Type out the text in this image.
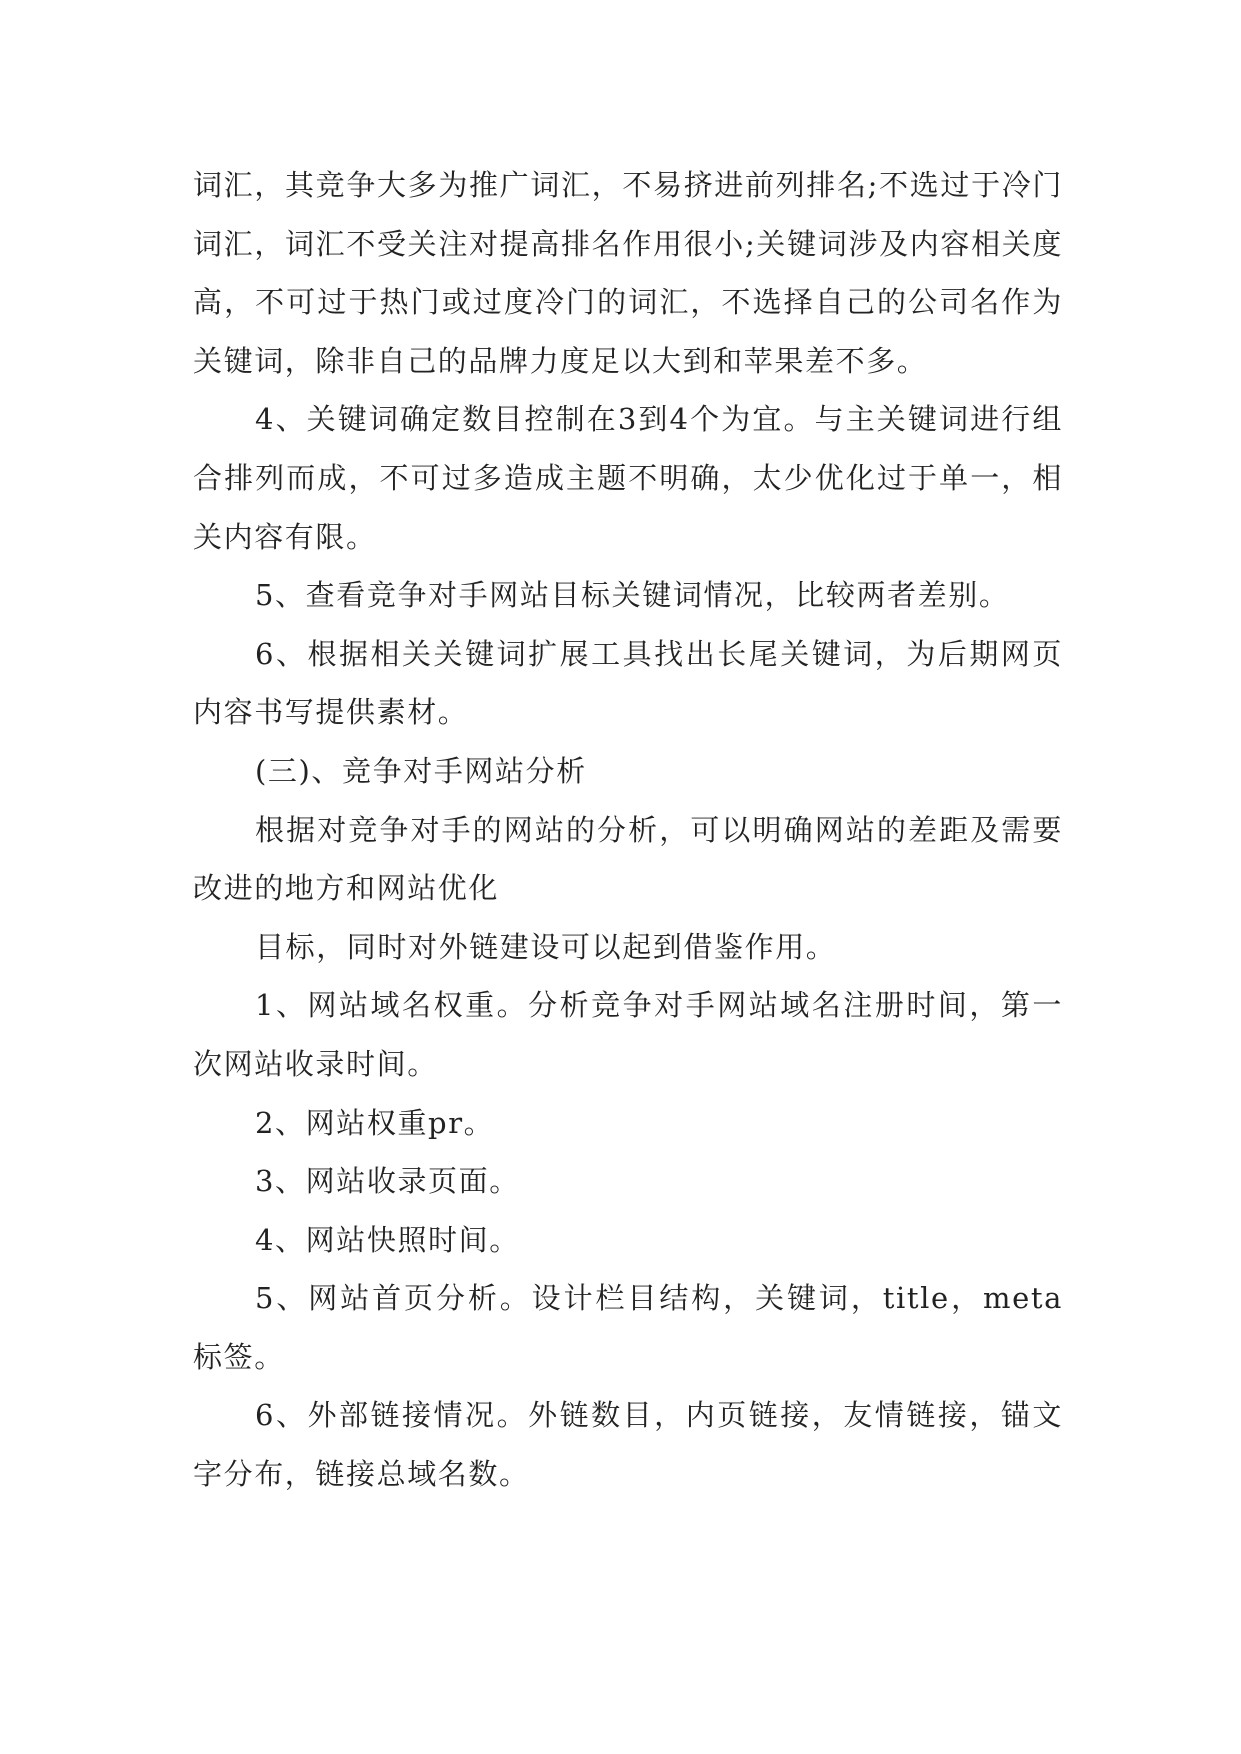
词汇，其竞争大多为推广词汇，不易挤进前列排名;不选过于冷门词汇，词汇不受关注对提高排名作用很小;关键词涉及内容相关度高，不可过于热门或过度冷门的词汇，不选择自己的公司名作为关键词，除非自己的品牌力度足以大到和苹果差不多。

4、关键词确定数目控制在3到4个为宜。与主关键词进行组合排列而成，不可过多造成主题不明确，太少优化过于单一，相关内容有限。

5、查看竞争对手网站目标关键词情况，比较两者差别。

6、根据相关关键词扩展工具找出长尾关键词，为后期网页内容书写提供素材。

(三)、竞争对手网站分析

根据对竞争对手的网站的分析，可以明确网站的差距及需要改进的地方和网站优化

目标，同时对外链建设可以起到借鉴作用。

1、网站域名权重。分析竞争对手网站域名注册时间，第一次网站收录时间。

2、网站权重pr。

3、网站收录页面。

4、网站快照时间。

5、网站首页分析。设计栏目结构，关键词，title，meta标签。

6、外部链接情况。外链数目，内页链接，友情链接，锚文字分布，链接总域名数。
